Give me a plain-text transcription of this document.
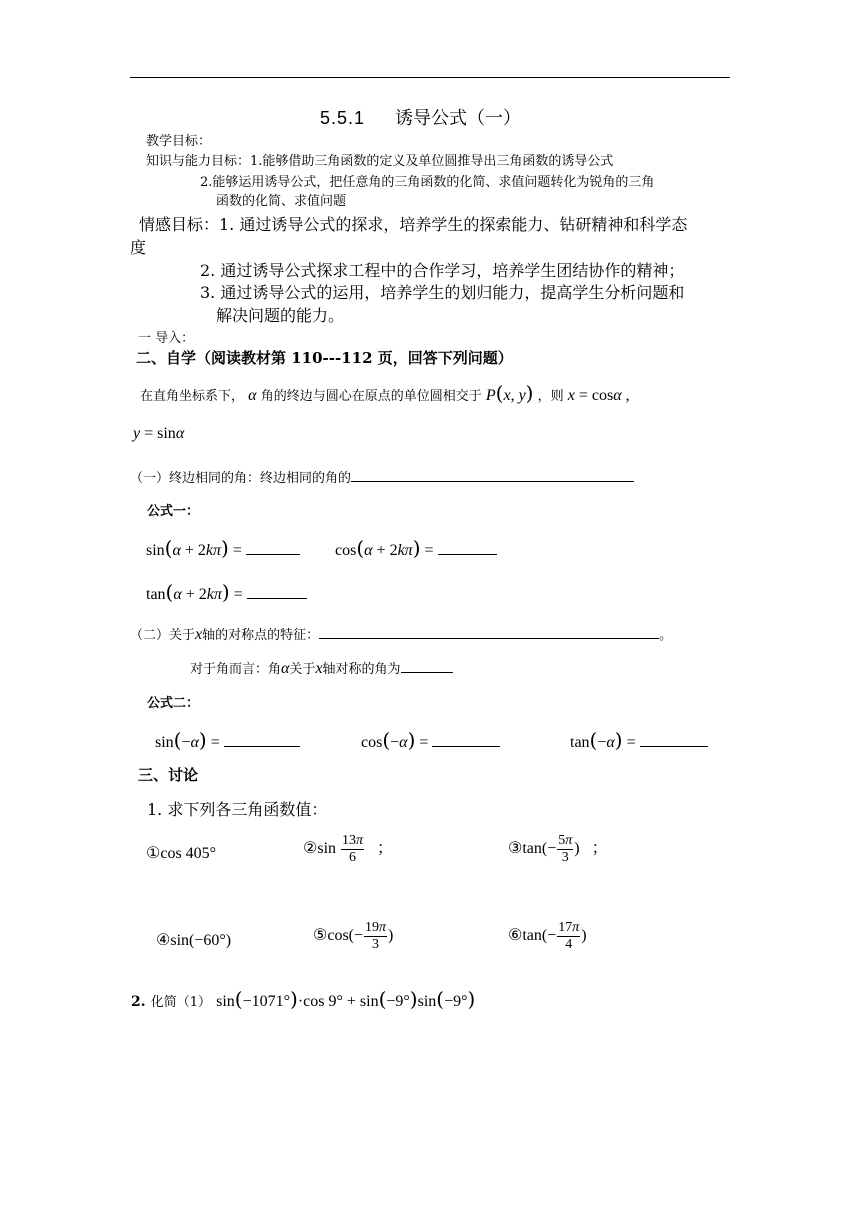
5.5.1 诱导公式（一）
教学目标：
知识与能力目标：1.能够借助三角函数的定义及单位圆推导出三角函数的诱导公式
2.能够运用诱导公式，把任意角的三角函数的化简、求值问题转化为锐角的三角
函数的化简、求值问题
情感目标：1. 通过诱导公式的探求，培养学生的探索能力、钻研精神和科学态
度
2. 通过诱导公式探求工程中的合作学习，培养学生团结协作的精神；
3. 通过诱导公式的运用，培养学生的划归能力，提高学生分析问题和
解决问题的能力。
一 导入：
二、自学（阅读教材第 110---112 页，回答下列问题）
在直角坐标系下， α 角的终边与圆心在原点的单位圆相交于 P(x, y) ，则 x = cosα ,
y = sinα
（一）终边相同的角：终边相同的角的
公式一：
sin(α + 2kπ) =	cos(α + 2kπ) =
tan(α + 2kπ) =
（二）关于x轴的对称点的特征：	。
对于角而言：角α关于x轴对称的角为
公式二：
sin(−α) =	cos(−α) =	tan(−α) =
三、讨论
1. 求下列各三角函数值：
①cos 405°	②sin $\frac{13\pi}{6}$ ；	③tan(− $\frac{5\pi}{3}$ )   ；
④sin(−60°)	⑤cos(− $\frac{19\pi}{3}$ )	⑥tan(− $\frac{17\pi}{4}$ )
2. 化简（1） sin(−1071°)·cos 9° + sin(−9°)sin(−9°)
